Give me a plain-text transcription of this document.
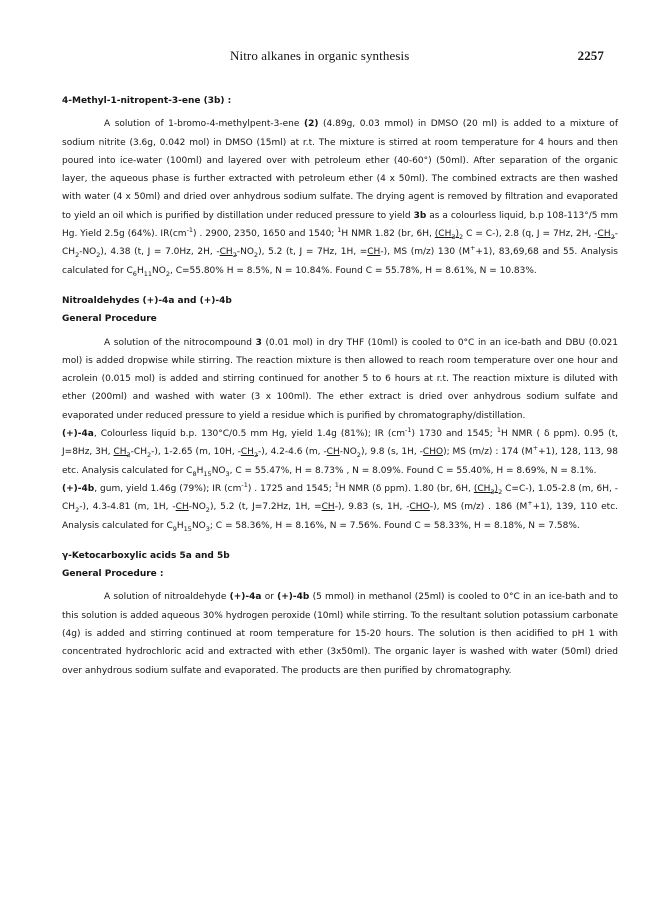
Nitro alkanes in organic synthesis	2257

4-Methyl-1-nitropent-3-ene (3b) :

A solution of 1-bromo-4-methylpent-3-ene (2) (4.89g, 0.03 mmol) in DMSO (20 ml) is added to a mixture of sodium nitrite (3.6g, 0.042 mol) in DMSO (15ml) at r.t. The mixture is stirred at room temperature for 4 hours and then poured into ice-water (100ml) and layered over with petroleum ether (40-60°) (50ml). After separation of the organic layer, the aqueous phase is further extracted with petroleum ether (4 x 50ml). The combined extracts are then washed with water (4 x 50ml) and dried over anhydrous sodium sulfate. The drying agent is removed by filtration and evaporated to yield an oil which is purified by distillation under reduced pressure to yield 3b as a colourless liquid, b.p 108-113°/5 mm Hg. Yield 2.5g (64%). $IR(cm^{-1})$ . 2900, 2350, 1650 and 1540; $^1$H NMR 1.82 (br, 6H, $(CH_3)_2$ C = C-), 2.8 (q, J = 7Hz, 2H, $-CH_2-CH_2-NO_2$), 4.38 (t, J = 7.0Hz, 2H, $-CH_2-NO_2$), 5.2 (t, J = 7Hz, 1H, =CH-), MS (m/z) 130 (M++1), 83,69,68 and 55. Analysis calculated for $C_6H_{11}NO_2$, C=55.80% H = 8.5%, N = 10.84%. Found C = 55.78%, H = 8.61%, N = 10.83%.

Nitroaldehydes (+)-4a and (+)-4b

General Procedure

A solution of the nitrocompound 3 (0.01 mol) in dry THF (10ml) is cooled to 0°C in an ice-bath and DBU (0.021 mol) is added dropwise while stirring. The reaction mixture is then allowed to reach room temperature over one hour and acrolein (0.015 mol) is added and stirring continued for another 5 to 6 hours at r.t. The reaction mixture is diluted with ether (200ml) and washed with water (3 x 100ml). The ether extract is dried over anhydrous sodium sulfate and evaporated under reduced pressure to yield a residue which is purified by chromatography/distillation.

(+)-4a, Colourless liquid b.p. 130°C/0.5 mm Hg, yield 1.4g (81%); IR $(cm^{-1})$ 1730 and 1545; $^1$H NMR ( δ ppm). 0.95 (t, J=8Hz, 3H, $CH_3-CH_2-$), 1-2.65 (m, 10H, $-CH_2-$), 4.2-4.6 (m, $-CH-NO_2$), 9.8 (s, 1H, -CHO); MS (m/z) : 174 (M++1), 128, 113, 98 etc. Analysis calculated for $C_8H_{15}NO_3$, C = 55.47%, H = 8.73% , N = 8.09%. Found C = 55.40%, H = 8.69%, N = 8.1%.

(+)-4b, gum, yield 1.46g (79%); IR $(cm^{-1})$ . 1725 and 1545; $^1$H NMR (δ ppm). 1.80 (br, 6H, $(CH_3)_2$ C=C-), 1.05-2.8 (m, 6H, $-CH_2-$), 4.3-4.81 (m, 1H, $-CH-NO_2$), 5.2 (t, J=7.2Hz, 1H, =CH-), 9.83 (s, 1H, -CHO-), MS (m/z) . 186 (M++1), 139, 110 etc. Analysis calculated for $C_9H_{15}NO_3$; C = 58.36%, H = 8.16%, N = 7.56%. Found C = 58.33%, H = 8.18%, N = 7.58%.

γ-Ketocarboxylic acids 5a and 5b

General Procedure :

A solution of nitroaldehyde (+)-4a or (+)-4b (5 mmol) in methanol (25ml) is cooled to 0°C in an ice-bath and to this solution is added aqueous 30% hydrogen peroxide (10ml) while stirring. To the resultant solution potassium carbonate (4g) is added and stirring continued at room temperature for 15-20 hours. The solution is then acidified to pH 1 with concentrated hydrochloric acid and extracted with ether (3x50ml). The organic layer is washed with water (50ml) dried over anhydrous sodium sulfate and evaporated. The products are then purified by chromatography.
